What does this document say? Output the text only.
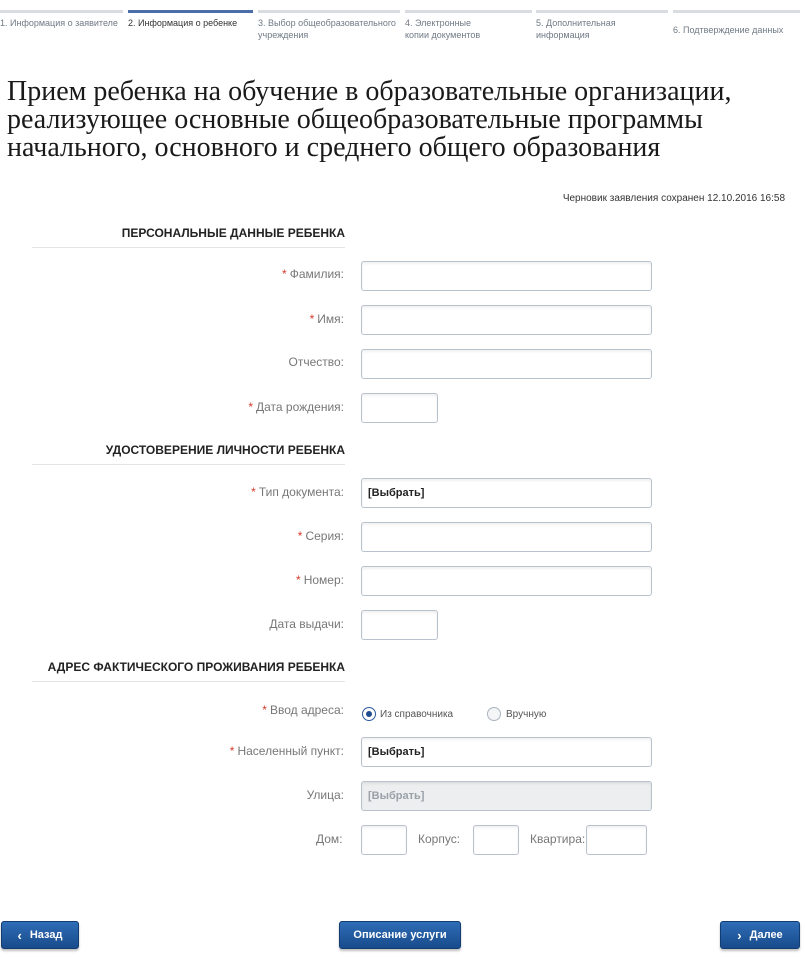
1. Информация о заявителе	2. Информация о ребенке	3. Выбор общеобразовательного учреждения
4. Электронные копии документов
5. Дополнительная информация	6. Подтверждение данных
Прием ребенка на обучение в образовательные организации, реализующее основные общеобразовательные программы начального, основного и среднего общего образования
Черновик заявления сохранен 12.10.2016 16:58
ПЕРСОНАЛЬНЫЕ ДАННЫЕ РЕБЕНКА
* Фамилия:
* Имя:
Отчество:
* Дата рождения:
УДОСТОВЕРЕНИЕ ЛИЧНОСТИ РЕБЕНКА
* Тип документа:	[Выбрать]
* Серия:
* Номер:
Дата выдачи:
АДРЕС ФАКТИЧЕСКОГО ПРОЖИВАНИЯ РЕБЕНКА
* Ввод адреса:	Из справочника	Вручную
* Населенный пункт:	[Выбрать]
Улица:	[Выбрать]
Дом:	Корпус:	Квартира:
‹ Назад	Описание услуги	› Далее
